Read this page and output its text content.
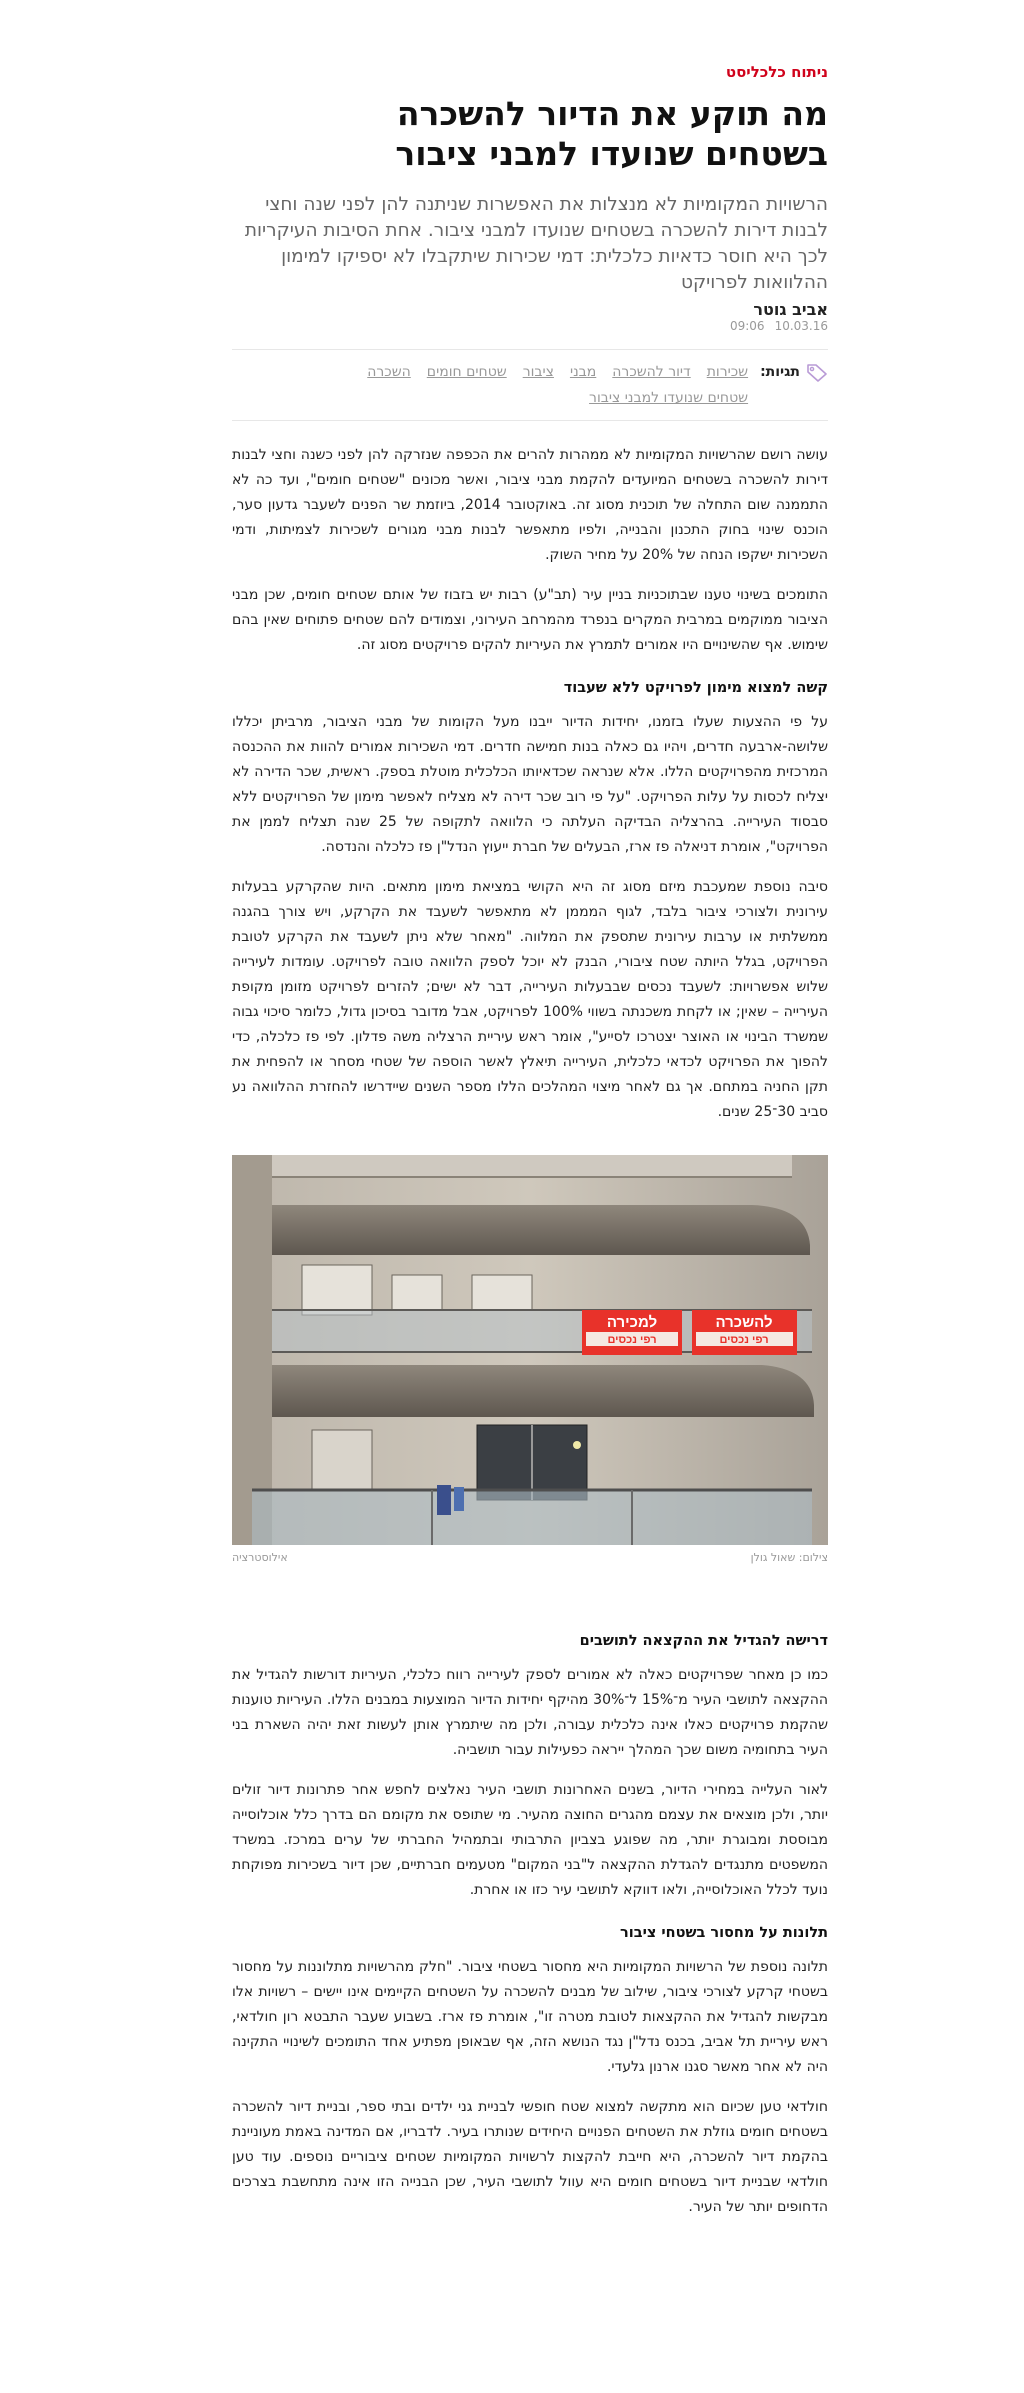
ניתוח כלכליסט
מה תוקע את הדיור להשכרה
בשטחים שנועדו למבני ציבור

הרשויות המקומיות לא מנצלות את האפשרות שניתנה להן לפני שנה וחצי לבנות דירות להשכרה בשטחים שנועדו למבני ציבור. אחת הסיבות העיקריות לכך היא חוסר כדאיות כלכלית: דמי שכירות שיתקבלו לא יספיקו למימון ההלוואות לפרויקט

אביב גוטר
10.03.16
09:06
תגיות:
שכירות
דיור להשכרה
מבני
ציבור
שטחים חומים
השכרה
שטחים שנועדו למבני ציבור

עושה רושם שהרשויות המקומיות לא ממהרות להרים את הכפפה שנזרקה להן לפני כשנה וחצי לבנות דירות להשכרה בשטחים המיועדים להקמת מבני ציבור, ואשר מכונים "שטחים חומים", ועד כה לא התממנה שום התחלה של תוכנית מסוג זה. באוקטובר 2014, ביוזמת שר הפנים לשעבר גדעון סער, הוכנס שינוי בחוק התכנון והבנייה, ולפיו מתאפשר לבנות מבני מגורים לשכירות לצמיתות, ודמי השכירות ישקפו הנחה של 20% על מחיר השוק.

התומכים בשינוי טענו שבתוכניות בניין עיר (תב"ע) רבות יש בזבוז של אותם שטחים חומים, שכן מבני הציבור ממוקמים במרבית המקרים בנפרד מהמרחב העירוני, וצמודים להם שטחים פתוחים שאין בהם שימוש. אף שהשינויים היו אמורים לתמרץ את העיריות להקים פרויקטים מסוג זה.

קשה למצוא מימון לפרויקט ללא שעבוד

על פי ההצעות שעלו בזמנו, יחידות הדיור ייבנו מעל הקומות של מבני הציבור, מרביתן יכללו שלושה-ארבעה חדרים, ויהיו גם כאלה בנות חמישה חדרים. דמי השכירות אמורים להוות את ההכנסה המרכזית מהפרויקטים הללו. אלא שנראה שכדאיותו הכלכלית מוטלת בספק. ראשית, שכר הדירה לא יצליח לכסות על עלות הפרויקט. "על פי רוב שכר דירה לא מצליח לאפשר מימון של הפרויקטים ללא סבסוד העירייה. בהרצליה הבדיקה העלתה כי הלוואה לתקופה של 25 שנה תצליח לממן את הפרויקט", אומרת דניאלה פז ארז, הבעלים של חברת ייעוץ הנדל"ן פז כלכלה והנדסה.

סיבה נוספת שמעכבת מיזם מסוג זה היא הקושי במציאת מימון מתאים. היות שהקרקע בבעלות עירונית ולצורכי ציבור בלבד, לגוף המממן לא מתאפשר לשעבד את הקרקע, ויש צורך בהגנה ממשלתית או ערבות עירונית שתספק את המלווה. "מאחר שלא ניתן לשעבד את הקרקע לטובת הפרויקט, בגלל היותה שטח ציבורי, הבנק לא יוכל לספק הלוואה טובה לפרויקט. עומדות לעירייה שלוש אפשרויות: לשעבד נכסים שבבעלות העירייה, דבר לא ישים; להזרים לפרויקט מזומן מקופת העירייה – שאין; או לקחת משכנתה בשווי 100% לפרויקט, אבל מדובר בסיכון גדול, כלומר סיכוי גבוה שמשרד הבינוי או האוצר יצטרכו לסייע", אומר ראש עיריית הרצליה משה פדלון. לפי פז כלכלה, כדי להפוך את הפרויקט לכדאי כלכלית, העירייה תיאלץ לאשר הוספה של שטחי מסחר או להפחית את תקן החניה במתחם. אך גם לאחר מיצוי המהלכים הללו מספר השנים שיידרשו להחזרת ההלוואה נע סביב 30־25 שנים.

למכירה
רפי נכסים
להשכרה
רפי נכסים
צילום: שאול גולן
אילוסטרציה
דרישה להגדיל את ההקצאה לתושבים

כמו כן מאחר שפרויקטים כאלה לא אמורים לספק לעירייה רווח כלכלי, העיריות דורשות להגדיל את ההקצאה לתושבי העיר מ־15% ל־30% מהיקף יחידות הדיור המוצעות במבנים הללו. העיריות טוענות שהקמת פרויקטים כאלו אינה כלכלית עבורה, ולכן מה שיתמרץ אותן לעשות זאת יהיה השארת בני העיר בתחומיה משום שכך המהלך ייראה כפעילות עבור תושביה.

לאור העלייה במחירי הדיור, בשנים האחרונות תושבי העיר נאלצים לחפש אחר פתרונות דיור זולים יותר, ולכן מוצאים את עצמם מהגרים החוצה מהעיר. מי שתופס את מקומם הם בדרך כלל אוכלוסייה מבוססת ומבוגרת יותר, מה שפוגע בצביון התרבותי ובתמהיל החברתי של ערים במרכז. במשרד המשפטים מתנגדים להגדלת ההקצאה ל"בני המקום" מטעמים חברתיים, שכן דיור בשכירות מפוקחת נועד לכלל האוכלוסייה, ולאו דווקא לתושבי עיר כזו או אחרת.

תלונות על מחסור בשטחי ציבור

תלונה נוספת של הרשויות המקומיות היא מחסור בשטחי ציבור. "חלק מהרשויות מתלוננות על מחסור בשטחי קרקע לצורכי ציבור, שילוב של מבנים להשכרה על השטחים הקיימים אינו יישים – רשויות אלו מבקשות להגדיל את ההקצאות לטובת מטרה זו", אומרת פז ארז. בשבוע שעבר התבטא רון חולדאי, ראש עיריית תל אביב, בכנס נדל"ן נגד הנושא הזה, אף שבאופן מפתיע אחד התומכים לשינויי התקינה היה לא אחר מאשר סגנו ארנון גלעדי.

חולדאי טען שכיום הוא מתקשה למצוא שטח חופשי לבניית גני ילדים ובתי ספר, ובניית דיור להשכרה בשטחים חומים גוזלת את השטחים הפנויים היחידים שנותרו בעיר. לדבריו, אם המדינה באמת מעוניינת בהקמת דיור להשכרה, היא חייבת להקצות לרשויות המקומיות שטחים ציבוריים נוספים. עוד טען חולדאי שבניית דיור בשטחים חומים היא עוול לתושבי העיר, שכן הבנייה הזו אינה מתחשבת בצרכים הדחופים יותר של העיר.
